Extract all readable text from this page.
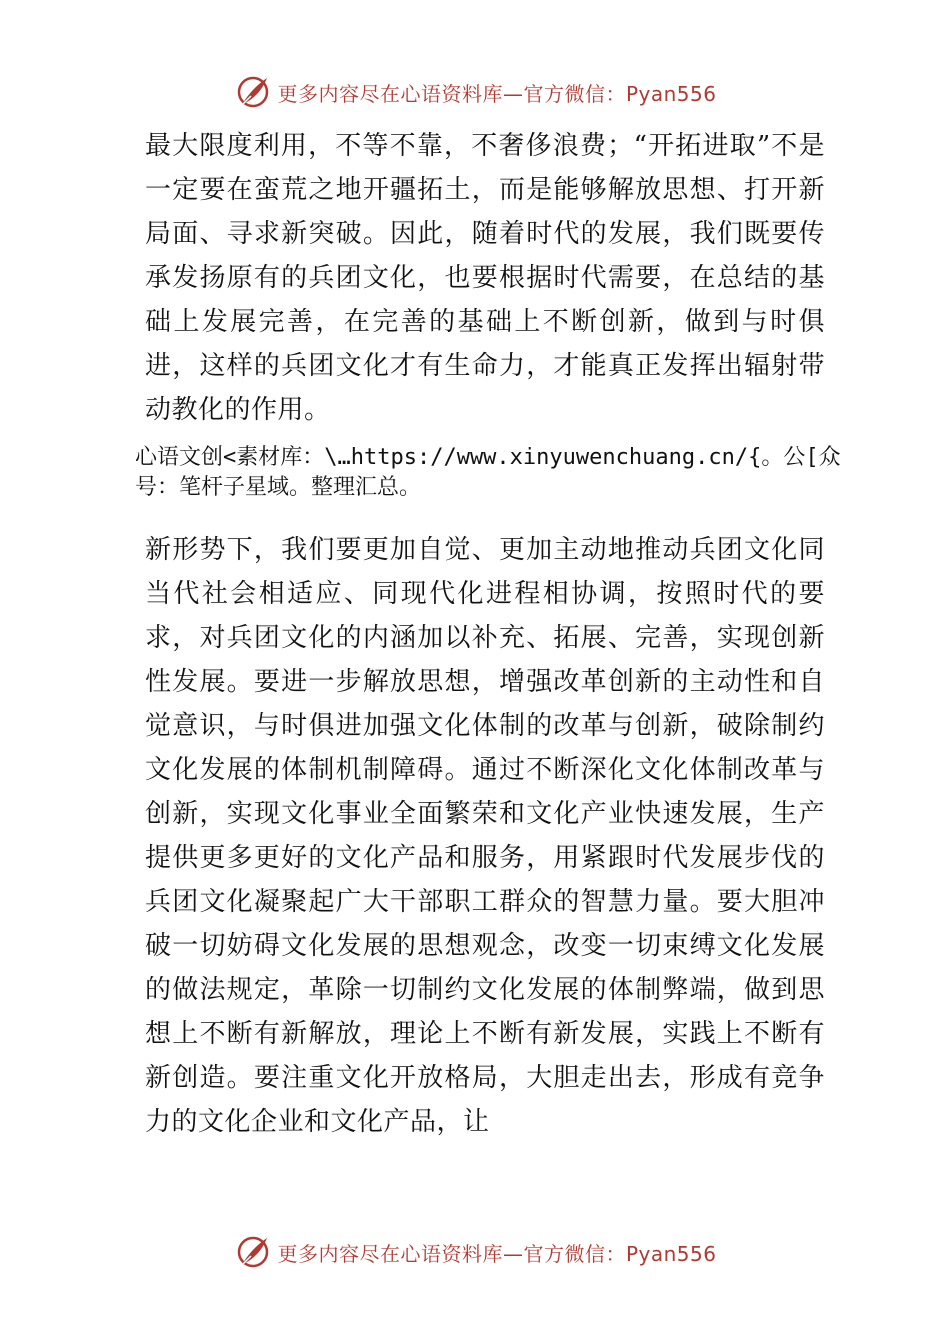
更多内容尽在心语资料库—官方微信：Pyan556

最大限度利用，不等不靠，不奢侈浪费；“开拓进取”不是一定要在蛮荒之地开疆拓土，而是能够解放思想、打开新局面、寻求新突破。因此，随着时代的发展，我们既要传承发扬原有的兵团文化，也要根据时代需要，在总结的基础上发展完善，在完善的基础上不断创新，做到与时俱进，这样的兵团文化才有生命力，才能真正发挥出辐射带动教化的作用。

心语文创<素材库：\…https://www.xinyuwenchuang.cn/{。公[众号：笔杆子星域。整理汇总。

新形势下，我们要更加自觉、更加主动地推动兵团文化同当代社会相适应、同现代化进程相协调，按照时代的要求，对兵团文化的内涵加以补充、拓展、完善，实现创新性发展。要进一步解放思想，增强改革创新的主动性和自觉意识，与时俱进加强文化体制的改革与创新，破除制约文化发展的体制机制障碍。通过不断深化文化体制改革与创新，实现文化事业全面繁荣和文化产业快速发展，生产提供更多更好的文化产品和服务，用紧跟时代发展步伐的兵团文化凝聚起广大干部职工群众的智慧力量。要大胆冲破一切妨碍文化发展的思想观念，改变一切束缚文化发展的做法规定，革除一切制约文化发展的体制弊端，做到思想上不断有新解放，理论上不断有新发展，实践上不断有新创造。要注重文化开放格局，大胆走出去，形成有竞争力的文化企业和文化产品，让

更多内容尽在心语资料库—官方微信：Pyan556
